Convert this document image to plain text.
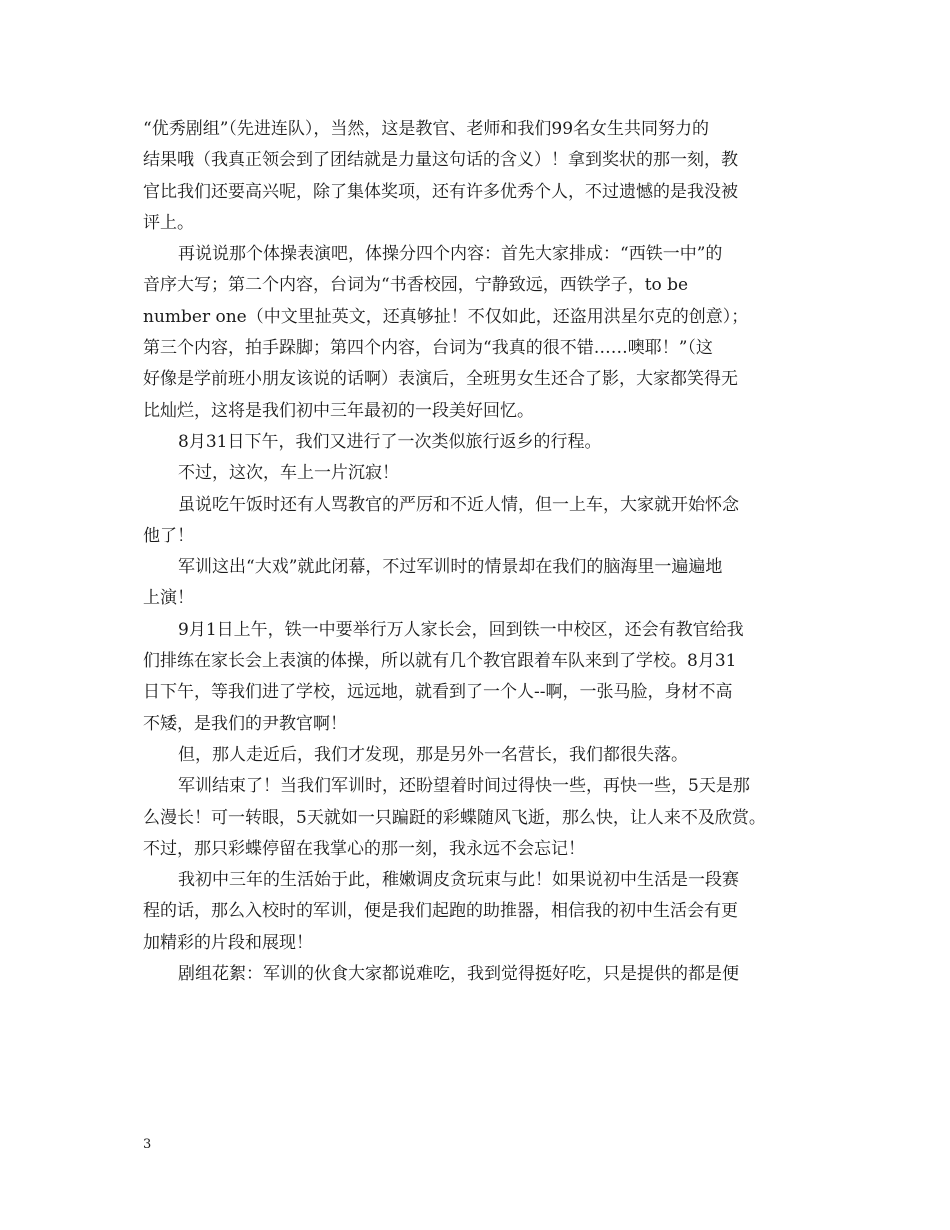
“优秀剧组”（先进连队），当然，这是教官、老师和我们99名女生共同努力的
结果哦（我真正领会到了团结就是力量这句话的含义）！拿到奖状的那一刻，教
官比我们还要高兴呢，除了集体奖项，还有许多优秀个人，不过遗憾的是我没被
评上。
再说说那个体操表演吧，体操分四个内容：首先大家排成：“西铁一中”的
音序大写；第二个内容，台词为“书香校园，宁静致远，西铁学子，to be
number one（中文里扯英文，还真够扯！不仅如此，还盗用洪星尔克的创意）；
第三个内容，拍手跺脚；第四个内容，台词为“我真的很不错……噢耶！”（这
好像是学前班小朋友该说的话啊）表演后，全班男女生还合了影，大家都笑得无
比灿烂，这将是我们初中三年最初的一段美好回忆。
8月31日下午，我们又进行了一次类似旅行返乡的行程。
不过，这次，车上一片沉寂！
虽说吃午饭时还有人骂教官的严厉和不近人情，但一上车，大家就开始怀念
他了！
军训这出“大戏”就此闭幕，不过军训时的情景却在我们的脑海里一遍遍地
上演！
9月1日上午，铁一中要举行万人家长会，回到铁一中校区，还会有教官给我
们排练在家长会上表演的体操，所以就有几个教官跟着车队来到了学校。8月31
日下午，等我们进了学校，远远地，就看到了一个人--啊，一张马脸，身材不高
不矮，是我们的尹教官啊！
但，那人走近后，我们才发现，那是另外一名营长，我们都很失落。
军训结束了！当我们军训时，还盼望着时间过得快一些，再快一些，5天是那
么漫长！可一转眼，5天就如一只蹁跹的彩蝶随风飞逝，那么快，让人来不及欣赏。
不过，那只彩蝶停留在我掌心的那一刻，我永远不会忘记！
我初中三年的生活始于此，稚嫩调皮贪玩束与此！如果说初中生活是一段赛
程的话，那么入校时的军训，便是我们起跑的助推器，相信我的初中生活会有更
加精彩的片段和展现！
剧组花絮：军训的伙食大家都说难吃，我到觉得挺好吃，只是提供的都是便
3
